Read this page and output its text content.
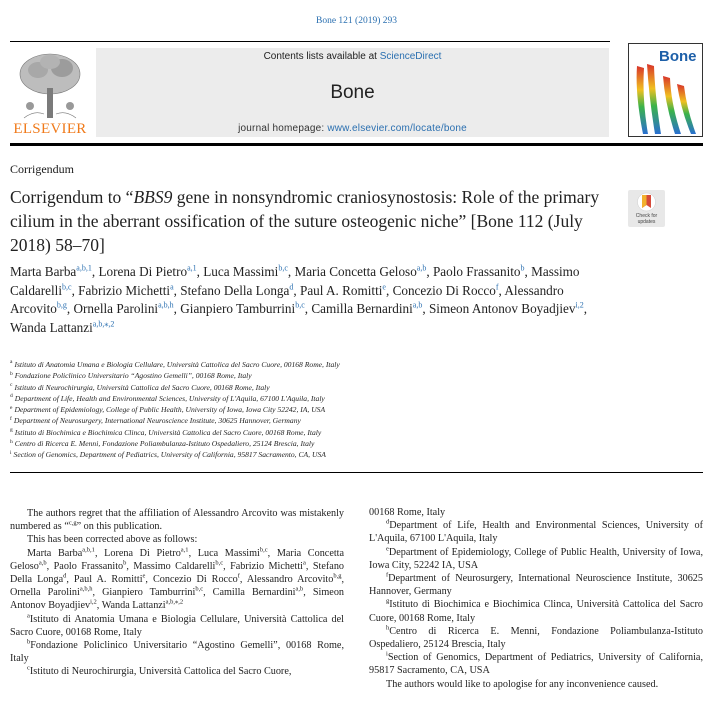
Bone 121 (2019) 293
ELSEVIER
Contents lists available at ScienceDirect
Bone
journal homepage: www.elsevier.com/locate/bone
Bone
Corrigendum
Corrigendum to “BBS9 gene in nonsyndromic craniosynostosis: Role of the primary cilium in the aberrant ossification of the suture osteogenic niche” [Bone 112 (July 2018) 58–70]
Check for
updates
Marta Barba$^{a,b,1}$, Lorena Di Pietro$^{a,1}$, Luca Massimi$^{b,c}$, Maria Concetta Geloso$^{a,b}$, Paolo Frassanito$^b$, Massimo Caldarelli$^{b,c}$, Fabrizio Michetti$^a$, Stefano Della Longa$^d$, Paul A. Romitti$^e$, Concezio Di Rocco$^f$, Alessandro Arcovito$^{b,g}$, Ornella Parolini$^{a,b,h}$, Gianpiero Tamburrini$^{b,c}$, Camilla Bernardini$^{a,b}$, Simeon Antonov Boyadjiev$^{i,2}$, Wanda Lattanzi$^{a,b,⁎,2}$
$^a$ Istituto di Anatomia Umana e Biologia Cellulare, Università Cattolica del Sacro Cuore, 00168 Rome, Italy
$^b$ Fondazione Policlinico Universitario “Agostino Gemelli”, 00168 Rome, Italy
$^c$ Istituto di Neurochirurgia, Università Cattolica del Sacro Cuore, 00168 Rome, Italy
$^d$ Department of Life, Health and Environmental Sciences, University of L'Aquila, 67100 L'Aquila, Italy
$^e$ Department of Epidemiology, College of Public Health, University of Iowa, Iowa City 52242, IA, USA
$^f$ Department of Neurosurgery, International Neuroscience Institute, 30625 Hannover, Germany
$^g$ Istituto di Biochimica e Biochimica Clinca, Università Cattolica del Sacro Cuore, 00168 Rome, Italy
$^h$ Centro di Ricerca E. Menni, Fondazione Poliambulanza-Istituto Ospedaliero, 25124 Brescia, Italy
$^i$ Section of Genomics, Department of Pediatrics, University of California, 95817 Sacramento, CA, USA

The authors regret that the affiliation of Alessandro Arcovito was mistakenly numbered as “$^{c,g}$” on this publication.

This has been corrected above as follows:

Marta Barba$^{a,b,1}$, Lorena Di Pietro$^{a,1}$, Luca Massimi$^{b,c}$, Maria Concetta Geloso$^{a,b}$, Paolo Frassanito$^b$, Massimo Caldarelli$^{b,c}$, Fabrizio Michetti$^a$, Stefano Della Longa$^d$, Paul A. Romitti$^e$, Concezio Di Rocco$^f$, Alessandro Arcovito$^{b,g}$, Ornella Parolini$^{a,b,h}$, Gianpiero Tamburrini$^{b,c}$, Camilla Bernardini$^{a,b}$, Simeon Antonov Boyadjiev$^{i,2}$, Wanda Lattanzi$^{a,b,⁎,2}$

$^a$Istituto di Anatomia Umana e Biologia Cellulare, Università Cattolica del Sacro Cuore, 00168 Rome, Italy

$^b$Fondazione Policlinico Universitario “Agostino Gemelli”, 00168 Rome, Italy

$^c$Istituto di Neurochirurgia, Università Cattolica del Sacro Cuore,

00168 Rome, Italy

$^d$Department of Life, Health and Environmental Sciences, University of L'Aquila, 67100 L'Aquila, Italy

$^e$Department of Epidemiology, College of Public Health, University of Iowa, Iowa City, 52242 IA, USA

$^f$Department of Neurosurgery, International Neuroscience Institute, 30625 Hannover, Germany

$^g$Istituto di Biochimica e Biochimica Clinca, Università Cattolica del Sacro Cuore, 00168 Rome, Italy

$^h$Centro di Ricerca E. Menni, Fondazione Poliambulanza-Istituto Ospedaliero, 25124 Brescia, Italy

$^i$Section of Genomics, Department of Pediatrics, University of California, 95817 Sacramento, CA, USA

The authors would like to apologise for any inconvenience caused.
